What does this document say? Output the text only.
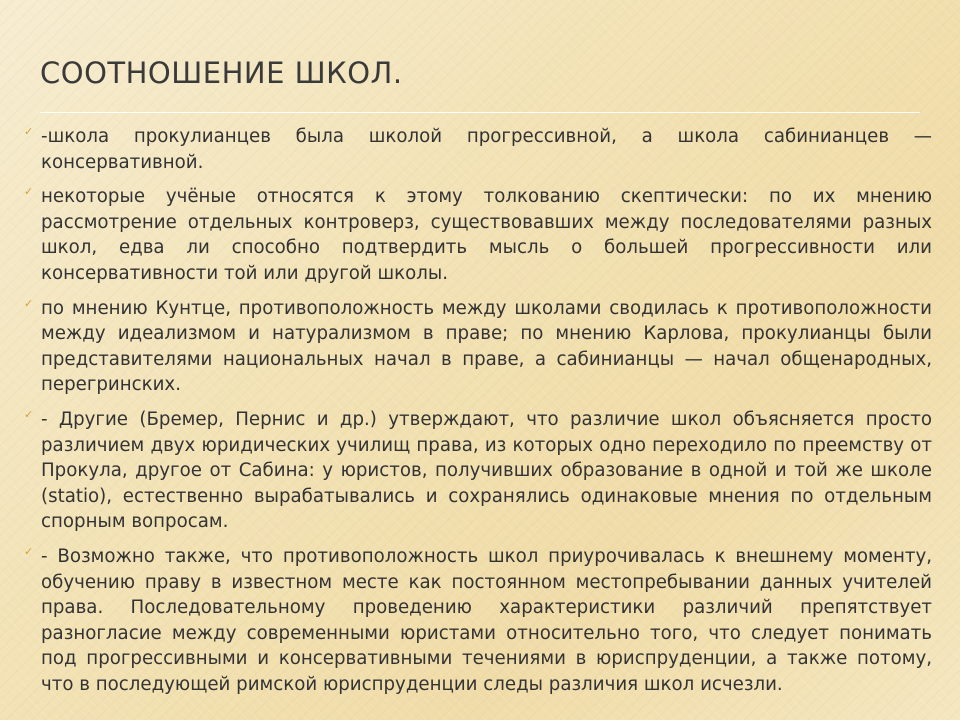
СООТНОШЕНИЕ ШКОЛ.
✓ -школа прокулианцев была школой прогрессивной, а школа сабинианцев — консервативной.
✓ некоторые учёные относятся к этому толкованию скептически: по их мнению рассмотрение отдельных контроверз, существовавших между последователями разных школ, едва ли способно подтвердить мысль о большей прогрессивности или консервативности той или другой школы.
✓ по мнению Кунтце, противоположность между школами сводилась к противоположности между идеализмом и натурализмом в праве; по мнению Карлова, прокулианцы были представителями национальных начал в праве, а сабинианцы — начал общенародных, перегринских.
✓ - Другие (Бремер, Пернис и др.) утверждают, что различие школ объясняется просто различием двух юридических училищ права, из которых одно переходило по преемству от Прокула, другое от Сабина: у юристов, получивших образование в одной и той же школе (statio), естественно вырабатывались и сохранялись одинаковые мнения по отдельным спорным вопросам.
✓ - Возможно также, что противоположность школ приурочивалась к внешнему моменту, обучению праву в известном месте как постоянном местопребывании данных учителей права. Последовательному проведению характеристики различий препятствует разногласие между современными юристами относительно того, что следует понимать под прогрессивными и консервативными течениями в юриспруденции, а также потому, что в последующей римской юриспруденции следы различия школ исчезли.
